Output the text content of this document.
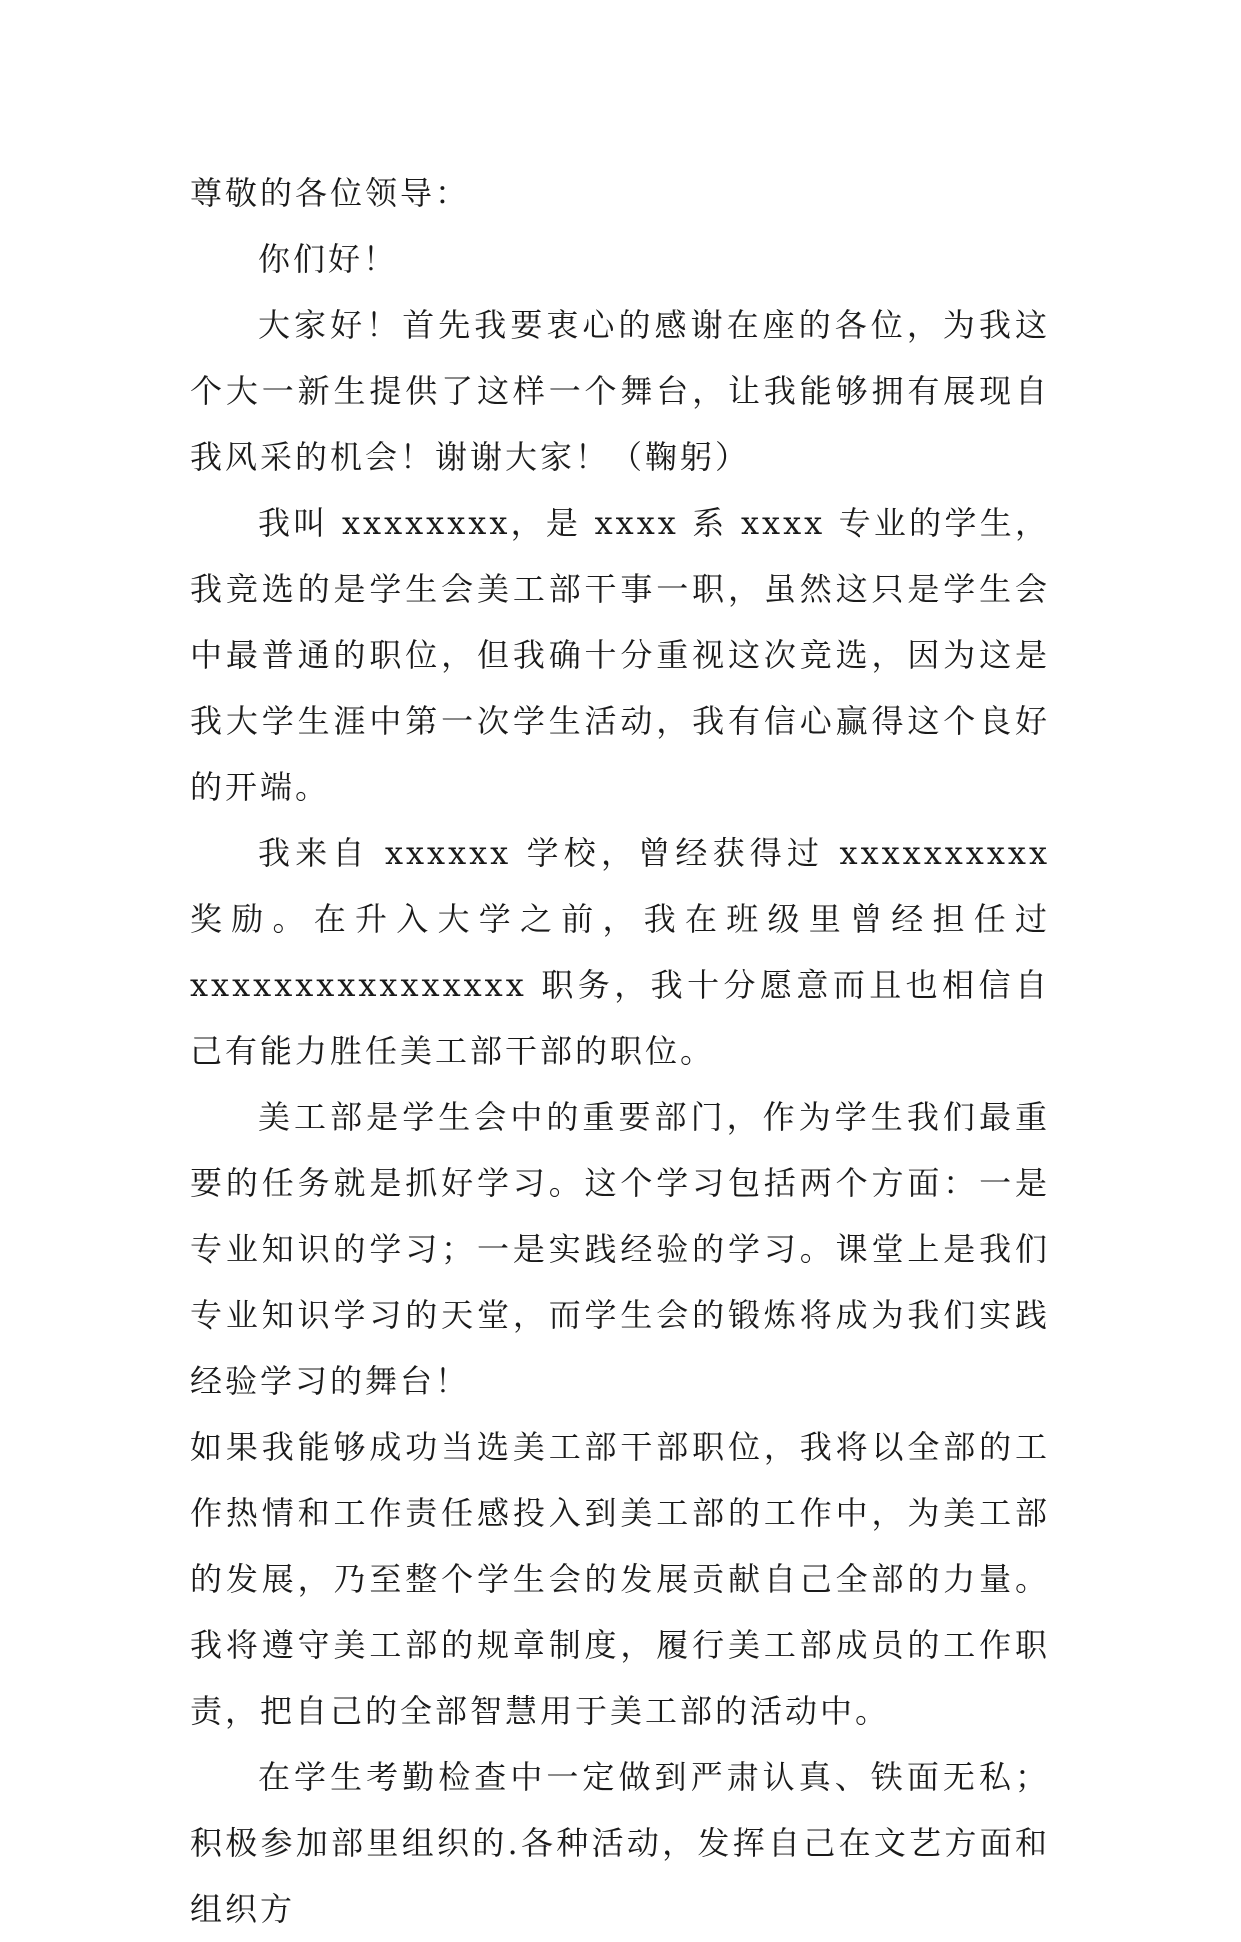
尊敬的各位领导：

你们好！

大家好！首先我要衷心的感谢在座的各位，为我这个大一新生提供了这样一个舞台，让我能够拥有展现自我风采的机会！谢谢大家！（鞠躬）

我叫 xxxxxxxx，是 xxxx 系 xxxx 专业的学生，我竞选的是学生会美工部干事一职，虽然这只是学生会中最普通的职位，但我确十分重视这次竞选，因为这是我大学生涯中第一次学生活动，我有信心赢得这个良好的开端。

我来自 xxxxxx 学校，曾经获得过 xxxxxxxxxx 奖励。在升入大学之前，我在班级里曾经担任过 xxxxxxxxxxxxxxxx 职务，我十分愿意而且也相信自己有能力胜任美工部干部的职位。

美工部是学生会中的重要部门，作为学生我们最重要的任务就是抓好学习。这个学习包括两个方面：一是专业知识的学习；一是实践经验的学习。课堂上是我们专业知识学习的天堂，而学生会的锻炼将成为我们实践经验学习的舞台！

如果我能够成功当选美工部干部职位，我将以全部的工作热情和工作责任感投入到美工部的工作中，为美工部的发展，乃至整个学生会的发展贡献自己全部的力量。我将遵守美工部的规章制度，履行美工部成员的工作职责，把自己的全部智慧用于美工部的活动中。

在学生考勤检查中一定做到严肃认真、铁面无私；积极参加部里组织的.各种活动，发挥自己在文艺方面和组织方
